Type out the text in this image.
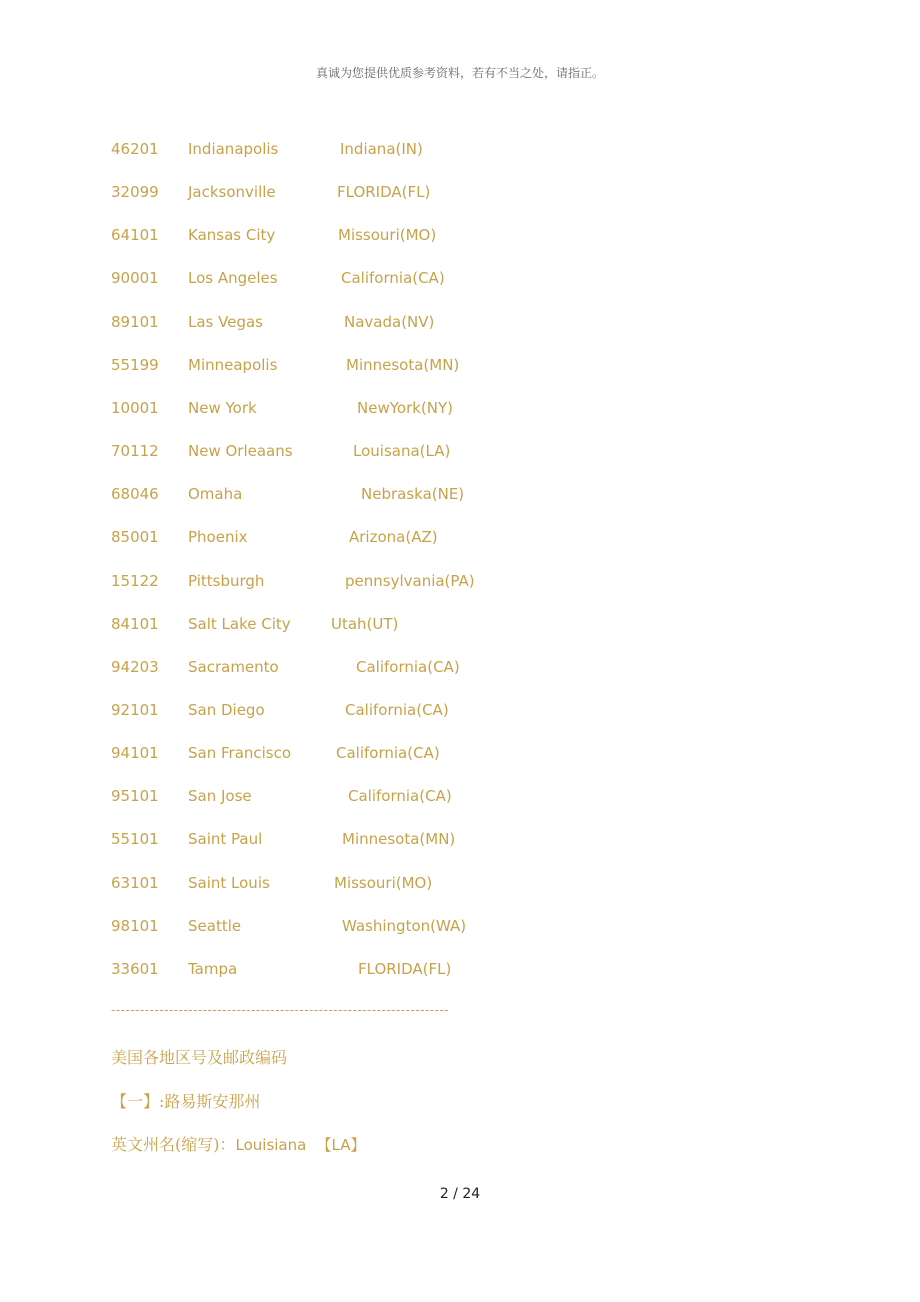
真诚为您提供优质参考资料，若有不当之处，请指正。
46201 Indianapolis	Indiana(IN)
32099 Jacksonville	FLORIDA(FL)
64101 Kansas City	Missouri(MO)
90001 Los Angeles	California(CA)
89101 Las Vegas	Navada(NV)
55199 Minneapolis	Minnesota(MN)
10001 New York	NewYork(NY)
70112 New Orleaans	Louisana(LA)
68046 Omaha	Nebraska(NE)
85001 Phoenix	Arizona(AZ)
15122 Pittsburgh	pennsylvania(PA)
84101 Salt Lake City	Utah(UT)
94203 Sacramento	California(CA)
92101 San Diego	California(CA)
94101 San Francisco	California(CA)
95101 San Jose	California(CA)
55101 Saint Paul	Minnesota(MN)
63101 Saint Louis	Missouri(MO)
98101 Seattle	Washington(WA)
33601 Tampa	FLORIDA(FL)
----------------------------------------------------------------------
美国各地区号及邮政编码
【一】:路易斯安那州
英文州名(缩写)：Louisiana 【LA】
2 / 24
